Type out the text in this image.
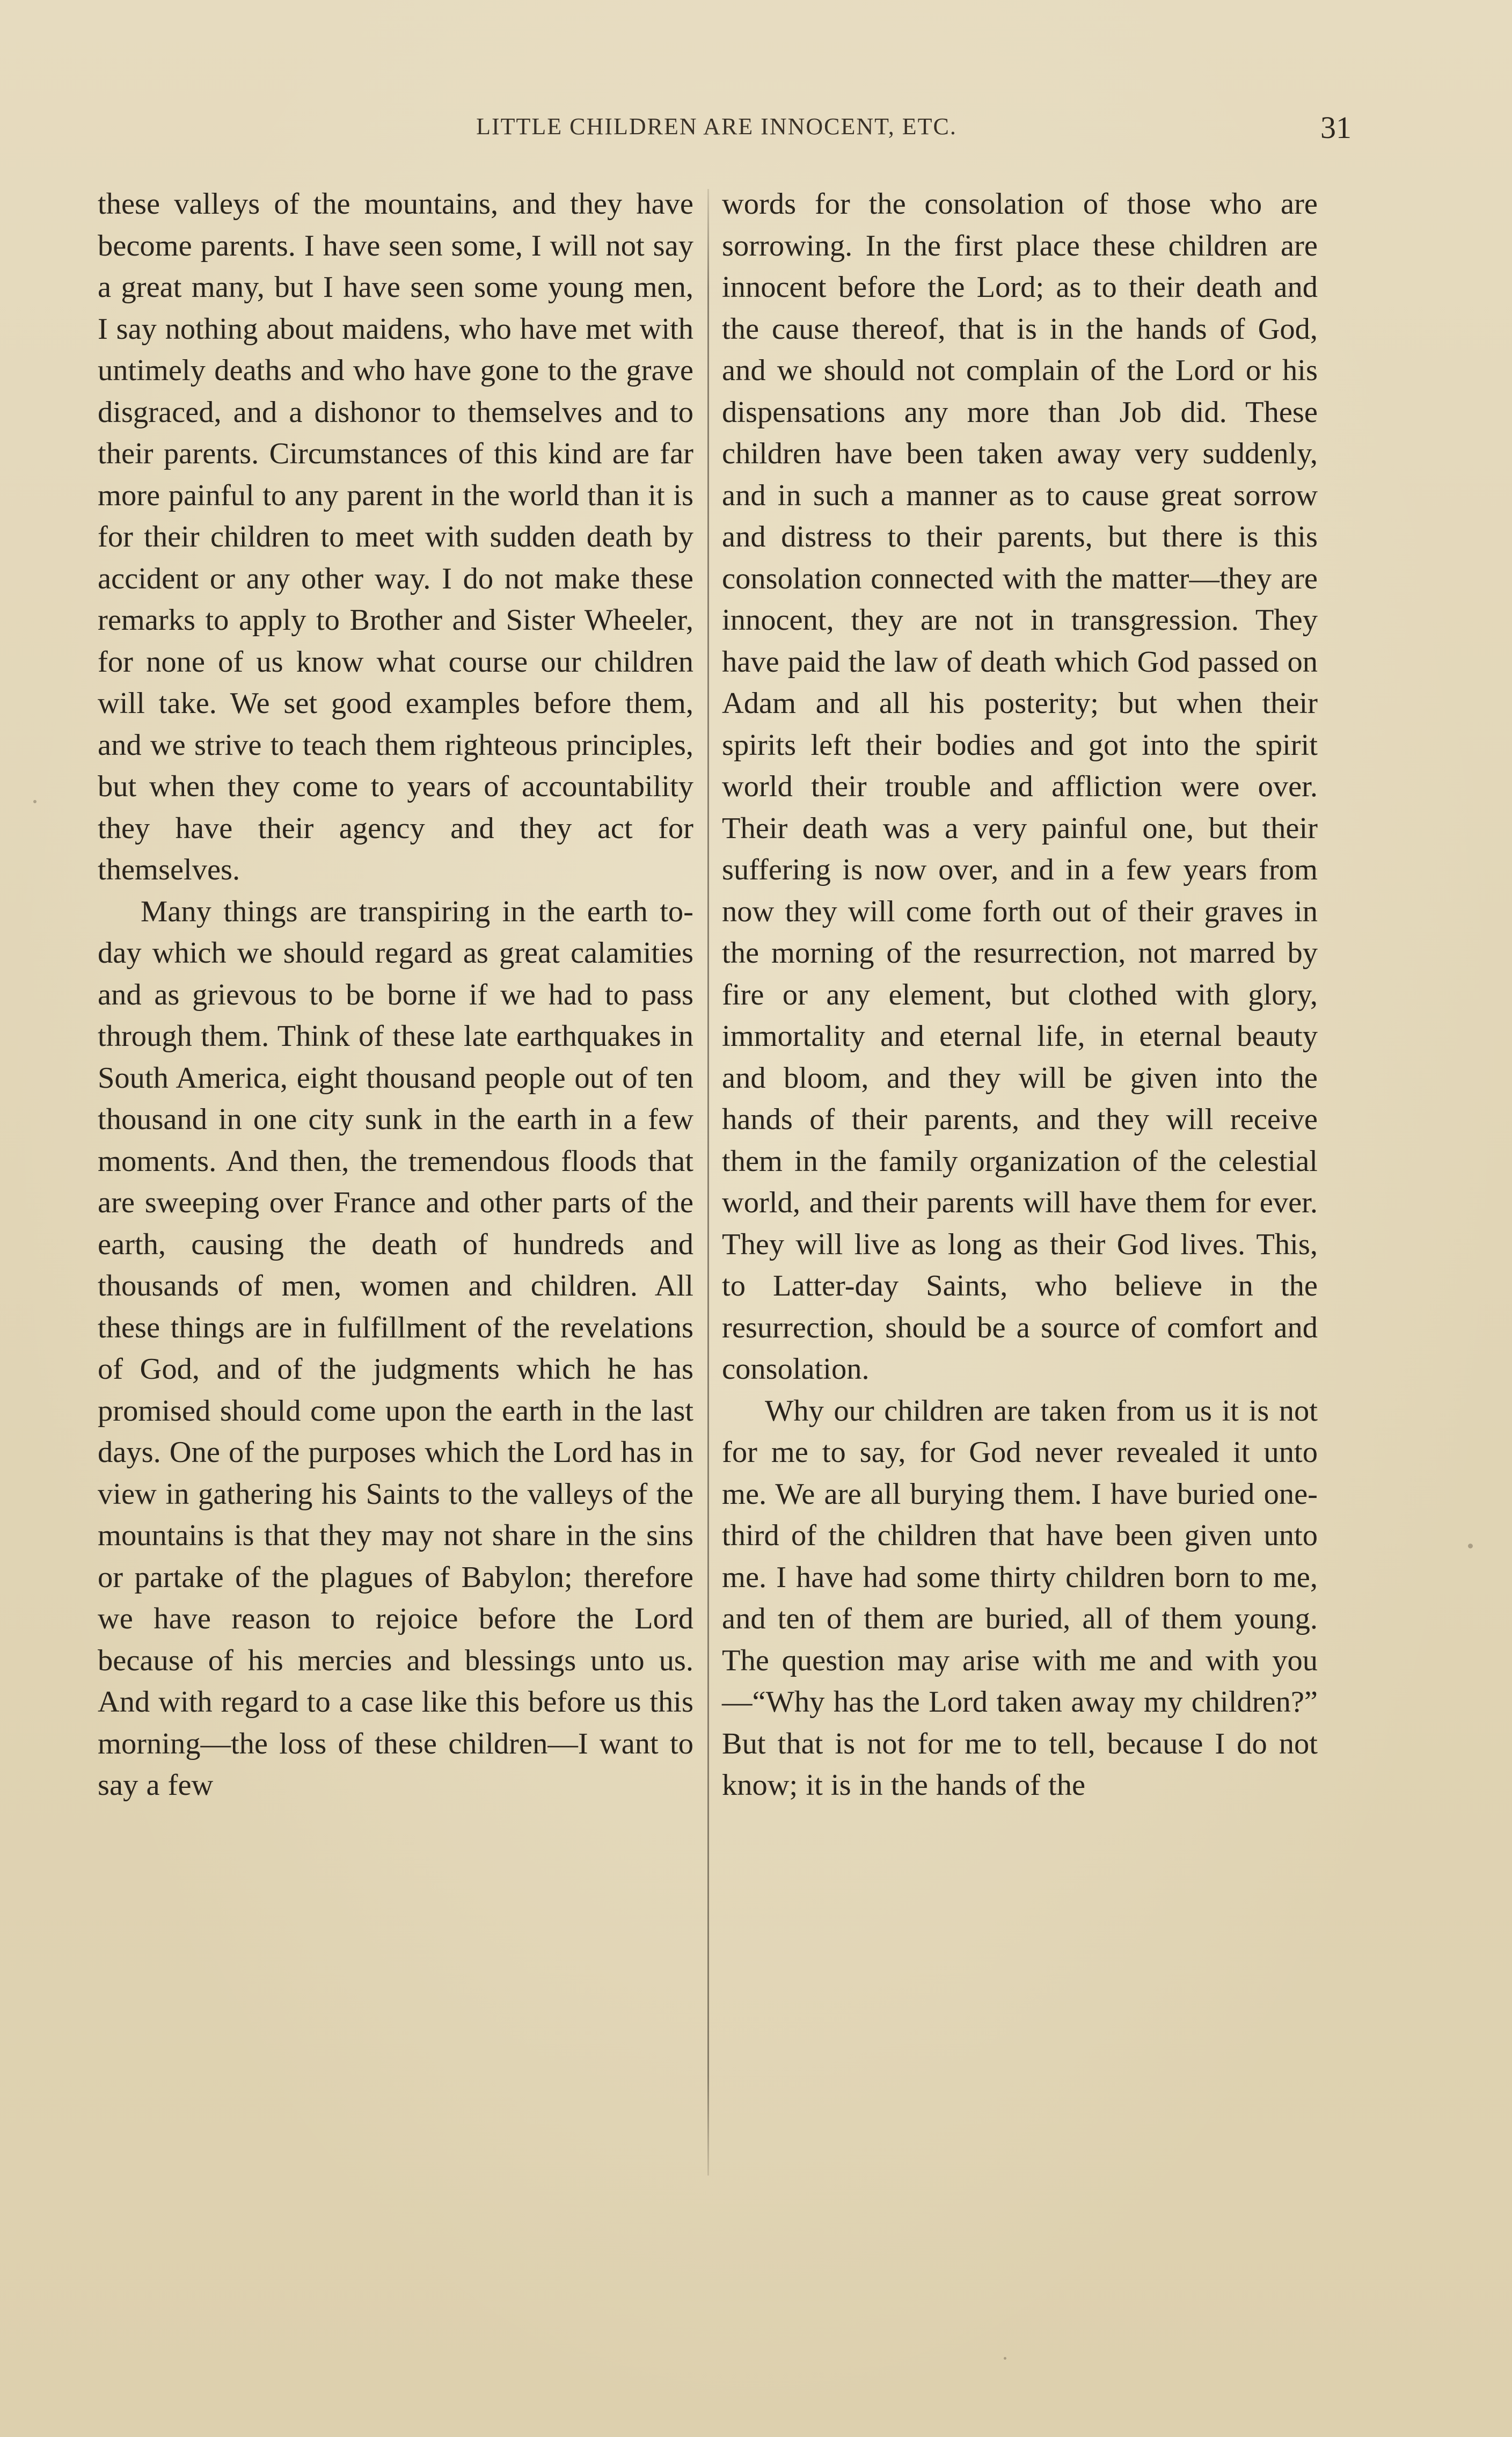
LITTLE CHILDREN ARE INNOCENT, ETC.	31

these valleys of the mountains, and they have become parents. I have seen some, I will not say a great many, but I have seen some young men, I say nothing about maidens, who have met with untimely deaths and who have gone to the grave disgraced, and a dishonor to themselves and to their parents. Circumstances of this kind are far more painful to any parent in the world than it is for their children to meet with sudden death by accident or any other way. I do not make these remarks to apply to Brother and Sister Wheeler, for none of us know what course our children will take. We set good examples before them, and we strive to teach them righteous principles, but when they come to years of accountability they have their agency and they act for themselves.

Many things are transpiring in the earth to-day which we should regard as great calamities and as grievous to be borne if we had to pass through them. Think of these late earthquakes in South America, eight thousand people out of ten thousand in one city sunk in the earth in a few moments. And then, the tremendous floods that are sweeping over France and other parts of the earth, causing the death of hundreds and thousands of men, women and children. All these things are in fulfillment of the revelations of God, and of the judgments which he has promised should come upon the earth in the last days. One of the purposes which the Lord has in view in gathering his Saints to the valleys of the mountains is that they may not share in the sins or partake of the plagues of Babylon; therefore we have reason to rejoice before the Lord because of his mercies and blessings unto us. And with regard to a case like this before us this morning—the loss of these children—I want to say a few

words for the consolation of those who are sorrowing. In the first place these children are innocent before the Lord; as to their death and the cause thereof, that is in the hands of God, and we should not complain of the Lord or his dispensations any more than Job did. These children have been taken away very suddenly, and in such a manner as to cause great sorrow and distress to their parents, but there is this consolation connected with the matter—they are innocent, they are not in transgression. They have paid the law of death which God passed on Adam and all his posterity; but when their spirits left their bodies and got into the spirit world their trouble and affliction were over. Their death was a very painful one, but their suffering is now over, and in a few years from now they will come forth out of their graves in the morning of the resurrection, not marred by fire or any element, but clothed with glory, immortality and eternal life, in eternal beauty and bloom, and they will be given into the hands of their parents, and they will receive them in the family organization of the celestial world, and their parents will have them for ever. They will live as long as their God lives. This, to Latter-day Saints, who believe in the resurrection, should be a source of comfort and consolation.

Why our children are taken from us it is not for me to say, for God never revealed it unto me. We are all burying them. I have buried one-third of the children that have been given unto me. I have had some thirty children born to me, and ten of them are buried, all of them young. The question may arise with me and with you—“Why has the Lord taken away my children?” But that is not for me to tell, because I do not know; it is in the hands of the
